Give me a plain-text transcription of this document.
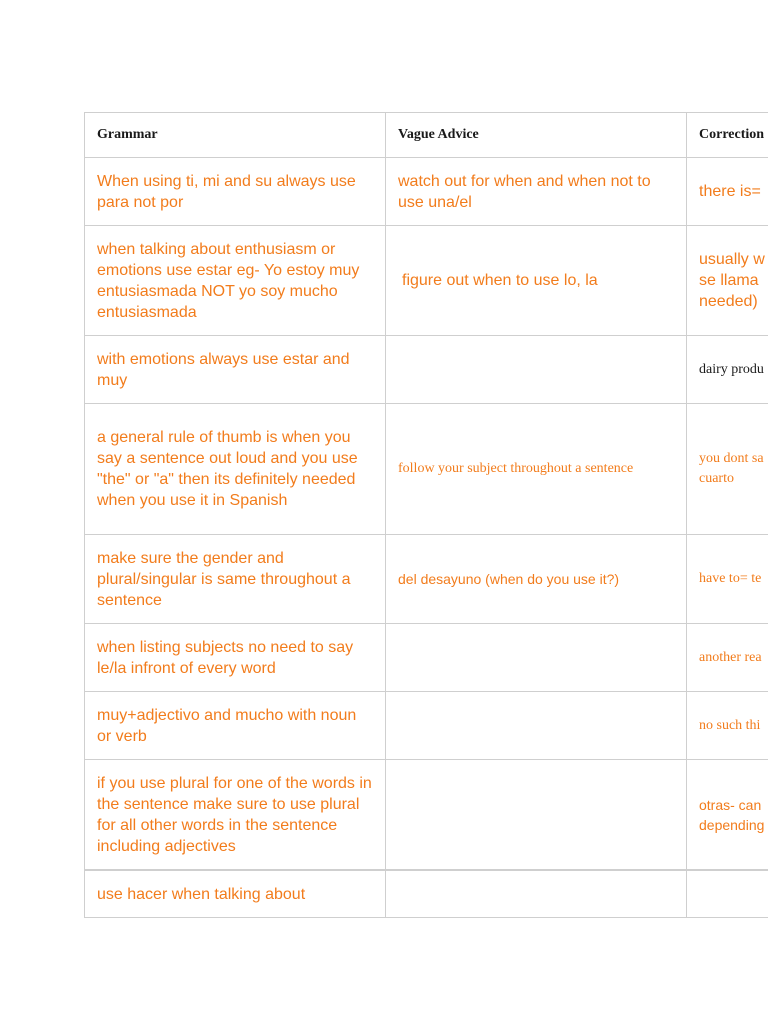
Grammar	Vague Advice	Correction

When using ti, mi and su always use para not por	watch out for when and when not to use una/el	there is=

when talking about enthusiasm or emotions use estar eg- Yo estoy muy entusiasmada NOT yo soy mucho entusiasmada	figure out when to use lo, la	usually w
se llama
needed)

with emotions always use estar and muy		dairy produ

a general rule of thumb is when you say a sentence out loud and you use "the" or "a" then its definitely needed when you use it in Spanish	follow your subject throughout a sentence	you dont sa
cuarto

make sure the gender and plural/singular is same throughout a sentence	del desayuno (when do you use it?)	have to= te

when listing subjects no need to say le/la infront of every word		another rea

muy+adjectivo and mucho with noun or verb		no such thi

if you use plural for one of the words in the sentence make sure to use plural for all other words in the sentence including adjectives		otras- can
depending

use hacer when talking about		
